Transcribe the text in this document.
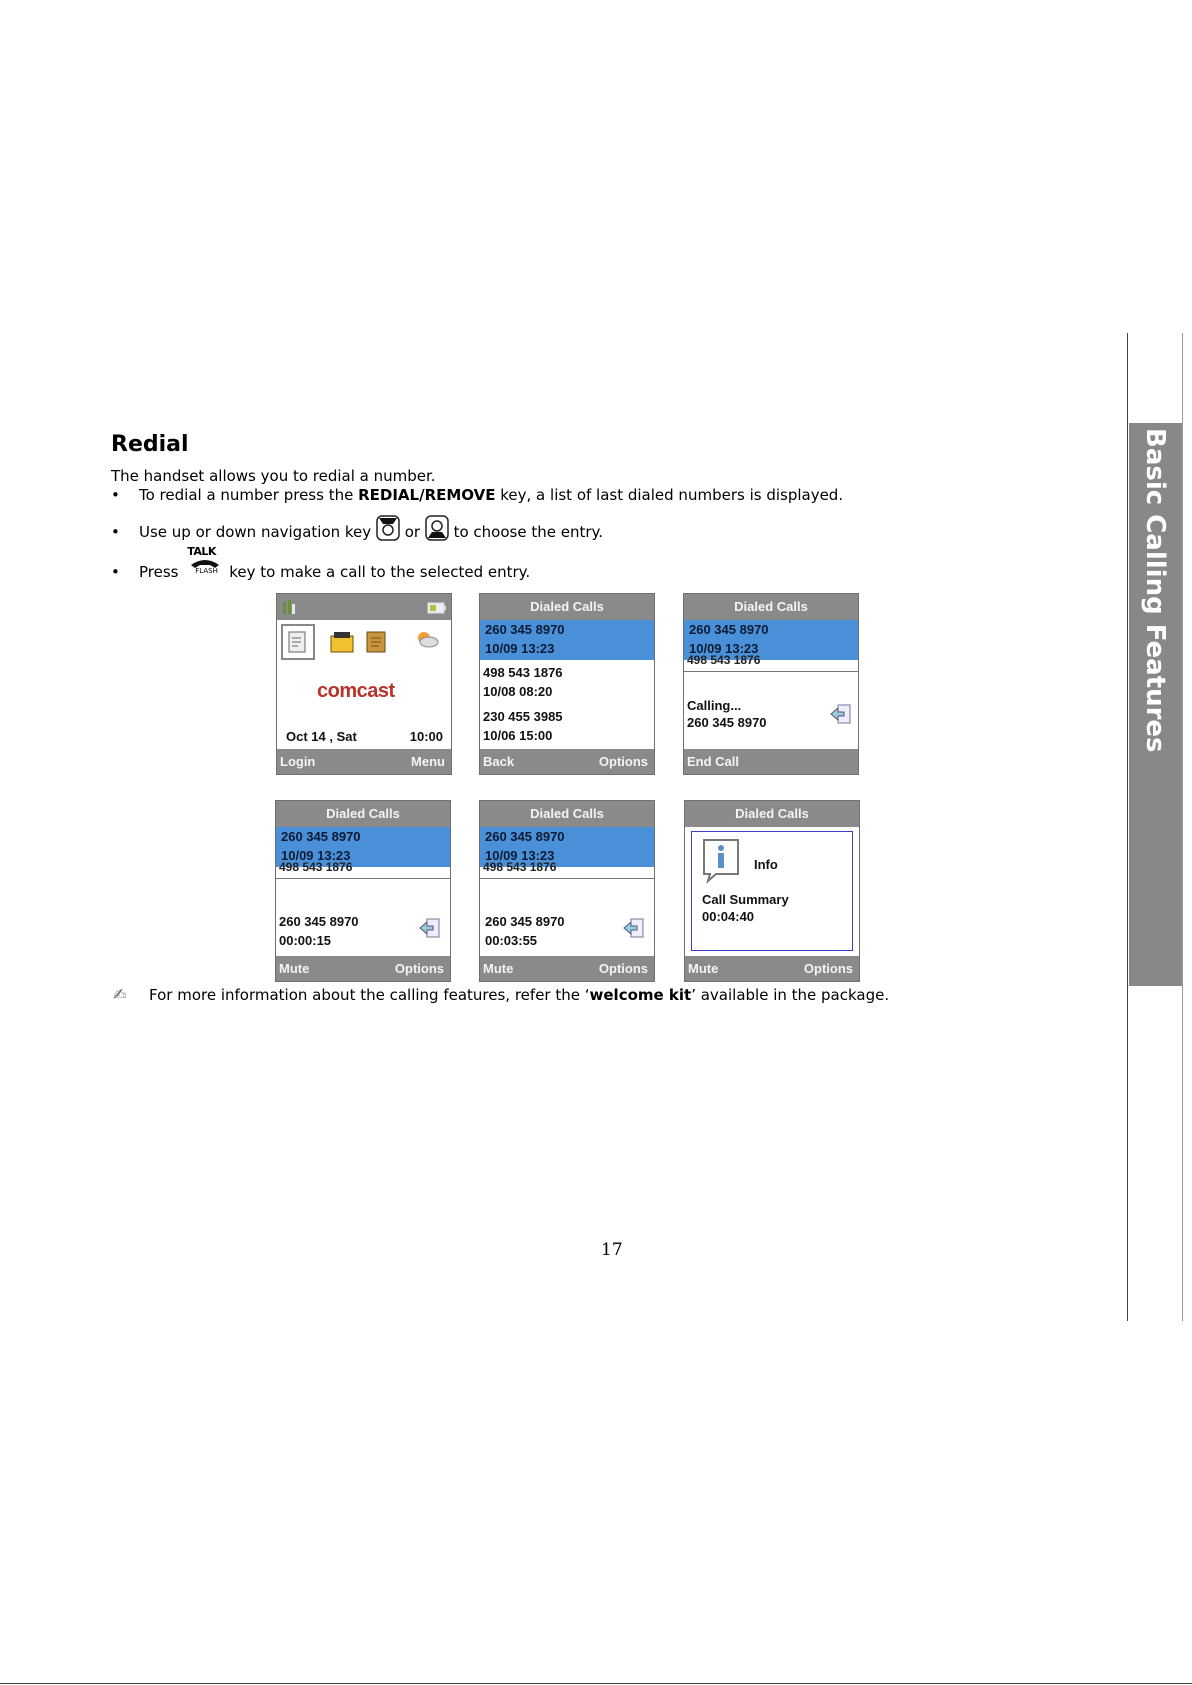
Redial
The handset allows you to redial a number.
• To redial a number press the REDIAL/REMOVE key, a list of last dialed numbers is displayed.
• Use up or down navigation key  or  to choose the entry.
• Press
TALK
FLASH key to make a call to the selected entry.
comcast
Oct 14 , Sat	10:00
Login	Menu
Dialed Calls
260 345 8970
10/09 13:23
498 543 1876
10/08 08:20
230 455 3985
10/06 15:00
Back	Options
Dialed Calls
260 345 8970
10/09 13:23
498 543 1876
Calling...
260 345 8970
End Call
Dialed Calls
260 345 8970
10/09 13:23
498 543 1876
260 345 8970
00:00:15
Mute	Options
Dialed Calls
260 345 8970
10/09 13:23
498 543 1876
260 345 8970
00:03:55
Mute	Options
Dialed Calls
Info
Call Summary
00:04:40
Mute	Options
✍ For more information about the calling features, refer the ‘welcome kit’ available in the package.
17
Basic Calling Features
